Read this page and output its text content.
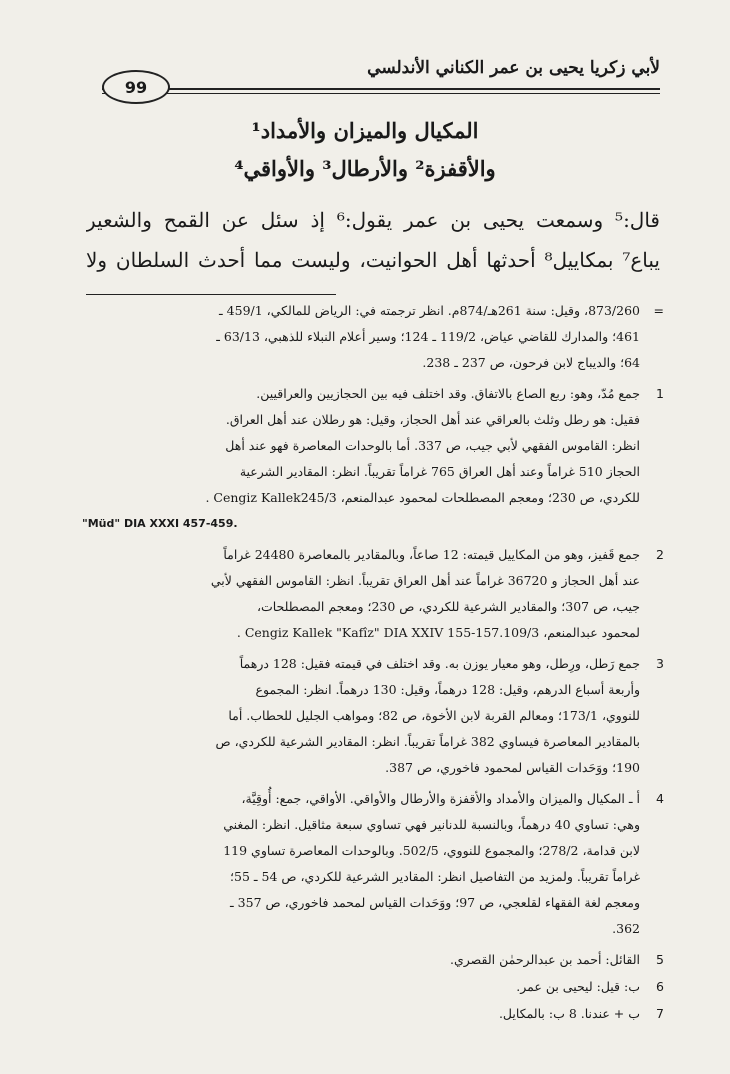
لأبي زكريا يحيى بن عمر الكناني الأندلسي
99
المكيال والميزان والأمداد¹
والأقفزة² والأرطال³ والأواقي⁴
قال:⁵ وسمعت يحيى بن عمر يقول:⁶ إذ سئل عن القمح والشعير
يباع⁷ بمكاييل⁸ أحدثها أهل الحوانيت، وليست مما أحدث السلطان ولا
=
873/260، وقيل: سنة 261هـ/874م. انظر ترجمته في: الرياض للمالكي، 459/1 ـ
461؛ والمدارك للقاضي عياض، 119/2 ـ 124؛ وسير أعلام النبلاء للذهبي، 63/13 ـ
64؛ والديباج لابن فرحون، ص 237 ـ 238.
1
جمع مُدّ، وهو: ربع الصاع بالاتفاق. وقد اختلف فيه بين الحجازيين والعراقيين.
فقيل: هو رطل وثلث بالعراقي عند أهل الحجاز، وقيل: هو رطلان عند أهل العراق.
انظر: القاموس الفقهي لأبي جيب، ص 337. أما بالوحدات المعاصرة فهو عند أهل
الحجاز 510 غراماً وعند أهل العراق 765 غراماً تقريباً. انظر: المقادير الشرعية
للكردي، ص 230؛ ومعجم المصطلحات لمحمود عبدالمنعم، Cengiz Kallek245/3 .
"Müd" DIA XXXI 457-459.
2
جمع قَفيز، وهو من المكاييل قيمته: 12 صاعاً، وبالمقادير بالمعاصرة 24480 غراماً
عند أهل الحجاز و 36720 غراماً عند أهل العراق تقريباً. انظر: القاموس الفقهي لأبي
جيب، ص 307؛ والمقادير الشرعية للكردي، ص 230؛ ومعجم المصطلحات،
لمحمود عبدالمنعم، Cengiz Kallek "Kafîz" DIA XXIV 155-157.109/3 .
3
جمع رَطل، ورِطل، وهو معيار يوزن به. وقد اختلف في قيمته فقيل: 128 درهماً
وأربعة أسباع الدرهم، وقيل: 128 درهماً، وقيل: 130 درهماً. انظر: المجموع
للنووي، 173/1؛ ومعالم القربة لابن الأخوة، ص 82؛ ومواهب الجليل للحطاب. أما
بالمقادير المعاصرة فيساوي 382 غراماً تقريباً. انظر: المقادير الشرعية للكردي، ص
190؛ ووَحَدات القياس لمحمود فاخوري، ص 387.
4
أ ـ المكيال والميزان والأمداد والأقفزة والأرطال والأواقي. الأواقي، جمع: أُوقِيَّة،
وهي: تساوي 40 درهماً، وبالنسبة للدنانير فهي تساوي سبعة مثاقيل. انظر: المغني
لابن قدامة، 278/2؛ والمجموع للنووي، 502/5. وبالوحدات المعاصرة تساوي 119
غراماً تقريباً. ولمزيد من التفاصيل انظر: المقادير الشرعية للكردي، ص 54 ـ 55؛
ومعجم لغة الفقهاء لقلعجي، ص 97؛ ووَحَدات القياس لمحمد فاخوري، ص 357 ـ
362.
5
القائل: أحمد بن عبدالرحمٰن القصري.
6
ب: قيل: ليحيى بن عمر.
7
ب + عندنا. 8 ب: بالمكايل.
